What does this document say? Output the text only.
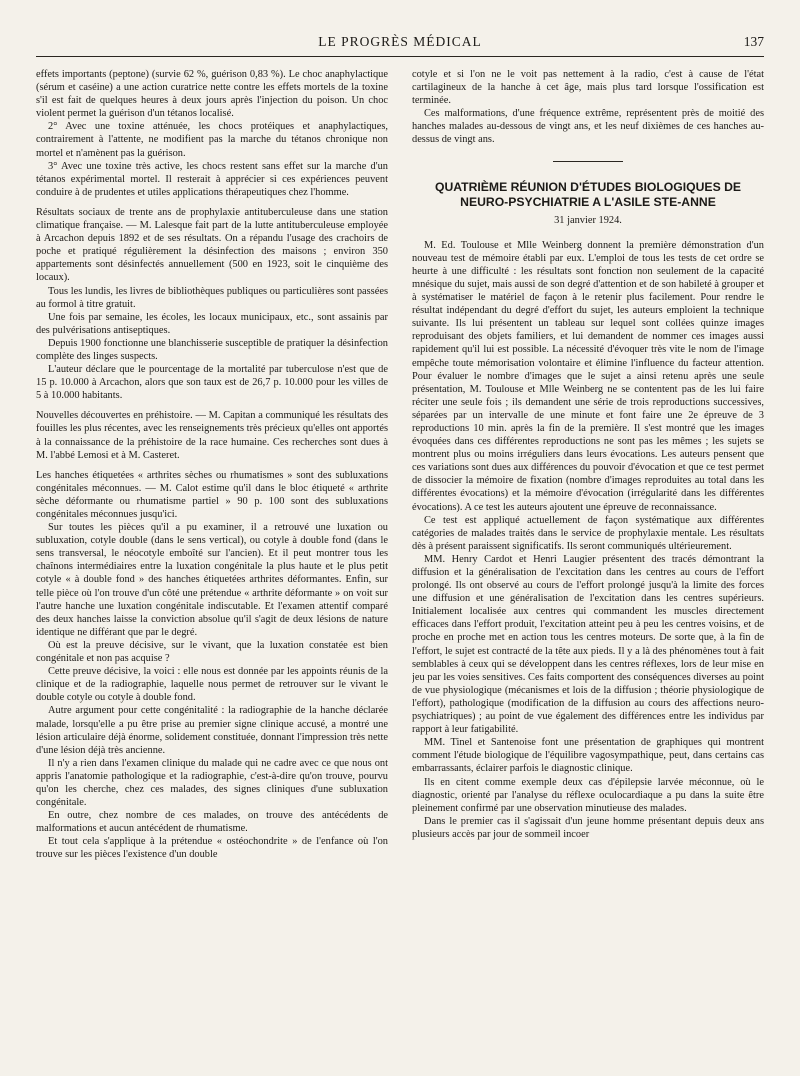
LE PROGRÈS MÉDICAL	137

effets importants (peptone) (survie 62 %, guérison 0,83 %). Le choc anaphylactique (sérum et caséine) a une action curatrice nette contre les effets mortels de la toxine s'il est fait de quelques heures à deux jours après l'injection du poison. Un choc violent permet la guérison d'un tétanos localisé.

2° Avec une toxine atténuée, les chocs protéiques et anaphylactiques, contrairement à l'attente, ne modifient pas la marche du tétanos chronique non mortel et n'amènent pas la guérison.

3° Avec une toxine très active, les chocs restent sans effet sur la marche d'un tétanos expérimental mortel. Il resterait à apprécier si ces expériences peuvent conduire à de prudentes et utiles applications thérapeutiques chez l'homme.

Résultats sociaux de trente ans de prophylaxie antituberculeuse dans une station climatique française. — M. Lalesque fait part de la lutte antituberculeuse employée à Arcachon depuis 1892 et de ses résultats. On a répandu l'usage des crachoirs de poche et pratiqué régulièrement la désinfection des maisons ; environ 350 appartements sont désinfectés annuellement (500 en 1923, soit le cinquième des locaux).

Tous les lundis, les livres de bibliothèques publiques ou particulières sont passées au formol à titre gratuit.

Une fois par semaine, les écoles, les locaux municipaux, etc., sont assainis par des pulvérisations antiseptiques.

Depuis 1900 fonctionne une blanchisserie susceptible de pratiquer la désinfection complète des linges suspects.

L'auteur déclare que le pourcentage de la mortalité par tuberculose n'est que de 15 p. 10.000 à Arcachon, alors que son taux est de 26,7 p. 10.000 pour les villes de 5 à 10.000 habitants.

Nouvelles découvertes en préhistoire. — M. Capitan a communiqué les résultats des fouilles les plus récentes, avec les renseignements très précieux qu'elles ont apportés à la connaissance de la préhistoire de la race humaine. Ces recherches sont dues à M. l'abbé Lemosi et à M. Casteret.

Les hanches étiquetées « arthrites sèches ou rhumatismes » sont des subluxations congénitales méconnues. — M. Calot estime qu'il dans le bloc étiqueté « arthrite sèche déformante ou rhumatisme partiel » 90 p. 100 sont des subluxations congénitales méconnues jusqu'ici.

Sur toutes les pièces qu'il a pu examiner, il a retrouvé une luxation ou subluxation, cotyle double (dans le sens vertical), ou cotyle à double fond (dans le sens transversal, le néocotyle emboîté sur l'ancien). Et il peut montrer tous les chaînons intermédiaires entre la luxation congénitale la plus haute et le plus petit cotyle « à double fond » des hanches étiquetées arthrites déformantes. Enfin, sur telle pièce où l'on trouve d'un côté une prétendue « arthrite déformante » on voit sur l'autre hanche une luxation congénitale indiscutable. Et l'examen attentif comparé des deux hanches laisse la conviction absolue qu'il s'agit de deux lésions de nature identique ne différant que par le degré.

Où est la preuve décisive, sur le vivant, que la luxation constatée est bien congénitale et non pas acquise ?

Cette preuve décisive, la voici : elle nous est donnée par les appoints réunis de la clinique et de la radiographie, laquelle nous permet de retrouver sur le vivant le double cotyle ou cotyle à double fond.

Autre argument pour cette congénitalité : la radiographie de la hanche déclarée malade, lorsqu'elle a pu être prise au premier signe clinique accusé, a montré une lésion articulaire déjà énorme, solidement constituée, donnant l'impression très nette d'une lésion déjà très ancienne.

Il n'y a rien dans l'examen clinique du malade qui ne cadre avec ce que nous ont appris l'anatomie pathologique et la radiographie, c'est-à-dire qu'on trouve, pourvu qu'on les cherche, chez ces malades, des signes cliniques d'une subluxation congénitale.

En outre, chez nombre de ces malades, on trouve des antécédents de malformations et aucun antécédent de rhumatisme.

Et tout cela s'applique à la prétendue « ostéochondrite » de l'enfance où l'on trouve sur les pièces l'existence d'un double

cotyle et si l'on ne le voit pas nettement à la radio, c'est à cause de l'état cartilagineux de la hanche à cet âge, mais plus tard lorsque l'ossification est terminée.

Ces malformations, d'une fréquence extrême, représentent près de moitié des hanches malades au-dessous de vingt ans, et les neuf dixièmes de ces hanches au-dessus de vingt ans.

QUATRIÈME RÉUNION D'ÉTUDES BIOLOGIQUES DE NEURO-PSYCHIATRIE A L'ASILE STE-ANNE
31 janvier 1924.

M. Ed. Toulouse et Mlle Weinberg donnent la première démonstration d'un nouveau test de mémoire établi par eux. L'emploi de tous les tests de cet ordre se heurte à une difficulté : les résultats sont fonction non seulement de la capacité mnésique du sujet, mais aussi de son degré d'attention et de son habileté à grouper et à systématiser le matériel de façon à le retenir plus facilement. Pour rendre le résultat indépendant du degré d'effort du sujet, les auteurs emploient la technique suivante. Ils lui présentent un tableau sur lequel sont collées quinze images reproduisant des objets familiers, et lui demandent de nommer ces images aussi rapidement qu'il lui est possible. La nécessité d'évoquer très vite le nom de l'image empêche toute mémorisation volontaire et élimine l'influence du facteur attention. Pour évaluer le nombre d'images que le sujet a ainsi retenu après une seule présentation, M. Toulouse et Mlle Weinberg ne se contentent pas de les lui faire réciter une seule fois ; ils demandent une série de trois reproductions successives, séparées par un intervalle de une minute et font faire une 2e épreuve de 3 reproductions 10 min. après la fin de la première. Il s'est montré que les images évoquées dans ces différentes reproductions ne sont pas les mêmes ; les sujets se montrent plus ou moins irréguliers dans leurs évocations. Les auteurs pensent que ces variations sont dues aux différences du pouvoir d'évocation et que ce test permet de dissocier la mémoire de fixation (nombre d'images reproduites au total dans les différentes évocations) et la mémoire d'évocation (irrégularité dans les différentes évocations). A ce test les auteurs ajoutent une épreuve de reconnaissance.

Ce test est appliqué actuellement de façon systématique aux différentes catégories de malades traités dans le service de prophylaxie mentale. Les résultats dès à présent paraissent significatifs. Ils seront communiqués ultérieurement.

MM. Henry Cardot et Henri Laugier présentent des tracés démontrant la diffusion et la généralisation de l'excitation dans les centres au cours de l'effort prolongé. Ils ont observé au cours de l'effort prolongé jusqu'à la limite des forces une diffusion et une généralisation de l'excitation dans les centres supérieurs. Initialement localisée aux centres qui commandent les muscles directement efficaces dans l'effort produit, l'excitation atteint peu à peu les centres voisins, et de proche en proche met en action tous les centres moteurs. De sorte que, à la fin de l'effort, le sujet est contracté de la tête aux pieds. Il y a là des phénomènes tout à fait semblables à ceux qui se développent dans les centres réflexes, lors de leur mise en jeu par les voies sensitives. Ces faits comportent des conséquences diverses au point de vue physiologique (mécanismes et lois de la diffusion ; théorie physiologique de l'effort), pathologique (modification de la diffusion au cours des affections neuro-psychiatriques) ; au point de vue également des différences entre les individus par rapport à leur fatigabilité.

MM. Tinel et Santenoise font une présentation de graphiques qui montrent comment l'étude biologique de l'équilibre vagosympathique, peut, dans certains cas embarrassants, éclairer parfois le diagnostic clinique.

Ils en citent comme exemple deux cas d'épilepsie larvée méconnue, où le diagnostic, orienté par l'analyse du réflexe oculocardiaque a pu dans la suite être pleinement confirmé par une observation minutieuse des malades.

Dans le premier cas il s'agissait d'un jeune homme présentant depuis deux ans plusieurs accès par jour de sommeil incoer
